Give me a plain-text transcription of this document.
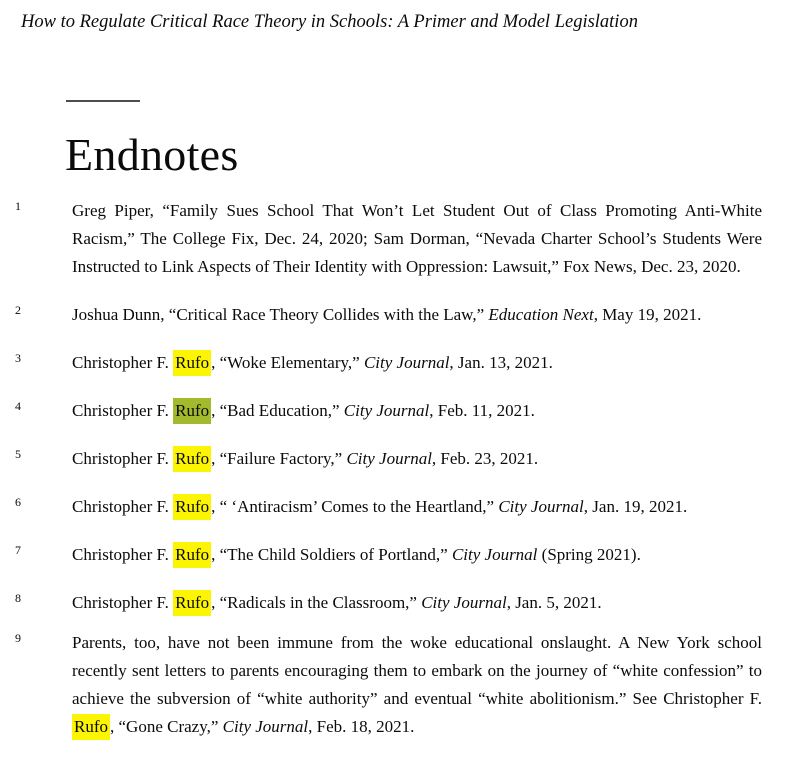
How to Regulate Critical Race Theory in Schools: A Primer and Model Legislation
Endnotes
1	Greg Piper, “Family Sues School That Won’t Let Student Out of Class Promoting Anti-White Racism,” The College Fix, Dec. 24, 2020; Sam Dorman, “Nevada Charter School’s Students Were Instructed to Link Aspects of Their Identity with Oppression: Lawsuit,” Fox News, Dec. 23, 2020.
2	Joshua Dunn, “Critical Race Theory Collides with the Law,” Education Next, May 19, 2021.
3	Christopher F. Rufo , “Woke Elementary,” City Journal, Jan. 13, 2021.
4	Christopher F. Rufo , “Bad Education,” City Journal, Feb. 11, 2021.
5	Christopher F. Rufo , “Failure Factory,” City Journal, Feb. 23, 2021.
6	Christopher F. Rufo , “ ‘Antiracism’ Comes to the Heartland,” City Journal, Jan. 19, 2021.
7	Christopher F. Rufo , “The Child Soldiers of Portland,” City Journal (Spring 2021).
8	Christopher F. Rufo , “Radicals in the Classroom,” City Journal, Jan. 5, 2021.
9	Parents, too, have not been immune from the woke educational onslaught. A New York school recently sent letters to parents encouraging them to embark on the journey of “white confession” to achieve the subversion of “white authority” and eventual “white abolitionism.” See Christopher F. Rufo , “Gone Crazy,” City Journal, Feb. 18, 2021.
